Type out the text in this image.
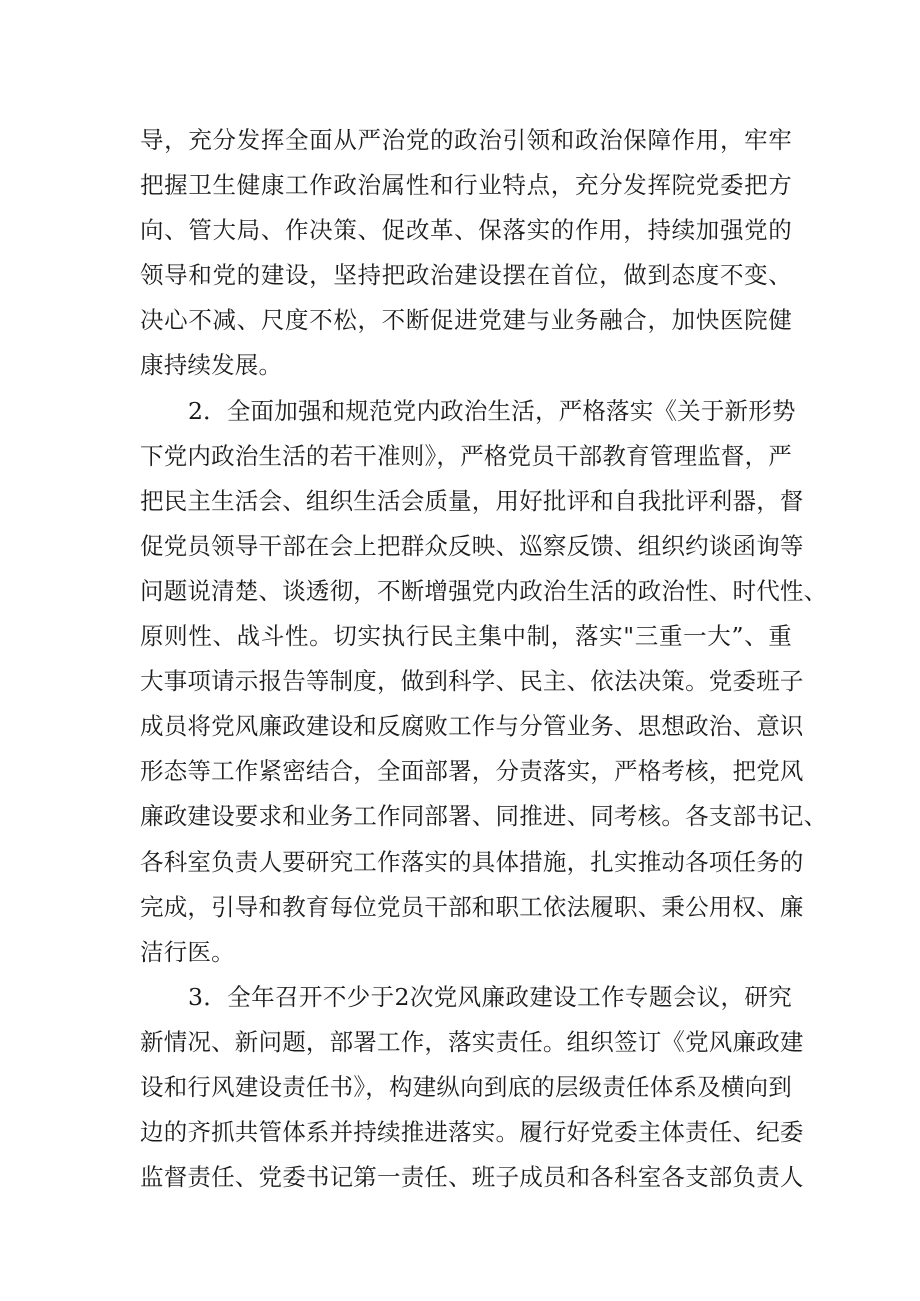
导，充分发挥全面从严治党的政治引领和政治保障作用，牢牢
把握卫生健康工作政治属性和行业特点，充分发挥院党委把方
向、管大局、作决策、促改革、保落实的作用，持续加强党的
领导和党的建设，坚持把政治建设摆在首位，做到态度不变、
决心不减、尺度不松，不断促进党建与业务融合，加快医院健
康持续发展。
2．全面加强和规范党内政治生活，严格落实《关于新形势
下党内政治生活的若干准则》，严格党员干部教育管理监督，严
把民主生活会、组织生活会质量，用好批评和自我批评利器，督
促党员领导干部在会上把群众反映、巡察反馈、组织约谈函询等
问题说清楚、谈透彻，不断增强党内政治生活的政治性、时代性、
原则性、战斗性。切实执行民主集中制，落实"三重一大”、重
大事项请示报告等制度，做到科学、民主、依法决策。党委班子
成员将党风廉政建设和反腐败工作与分管业务、思想政治、意识
形态等工作紧密结合，全面部署，分责落实，严格考核，把党风
廉政建设要求和业务工作同部署、同推进、同考核。各支部书记、
各科室负责人要研究工作落实的具体措施，扎实推动各项任务的
完成，引导和教育每位党员干部和职工依法履职、秉公用权、廉
洁行医。
3．全年召开不少于2次党风廉政建设工作专题会议，研究
新情况、新问题，部署工作，落实责任。组织签订《党风廉政建
设和行风建设责任书》，构建纵向到底的层级责任体系及横向到
边的齐抓共管体系并持续推进落实。履行好党委主体责任、纪委
监督责任、党委书记第一责任、班子成员和各科室各支部负责人
